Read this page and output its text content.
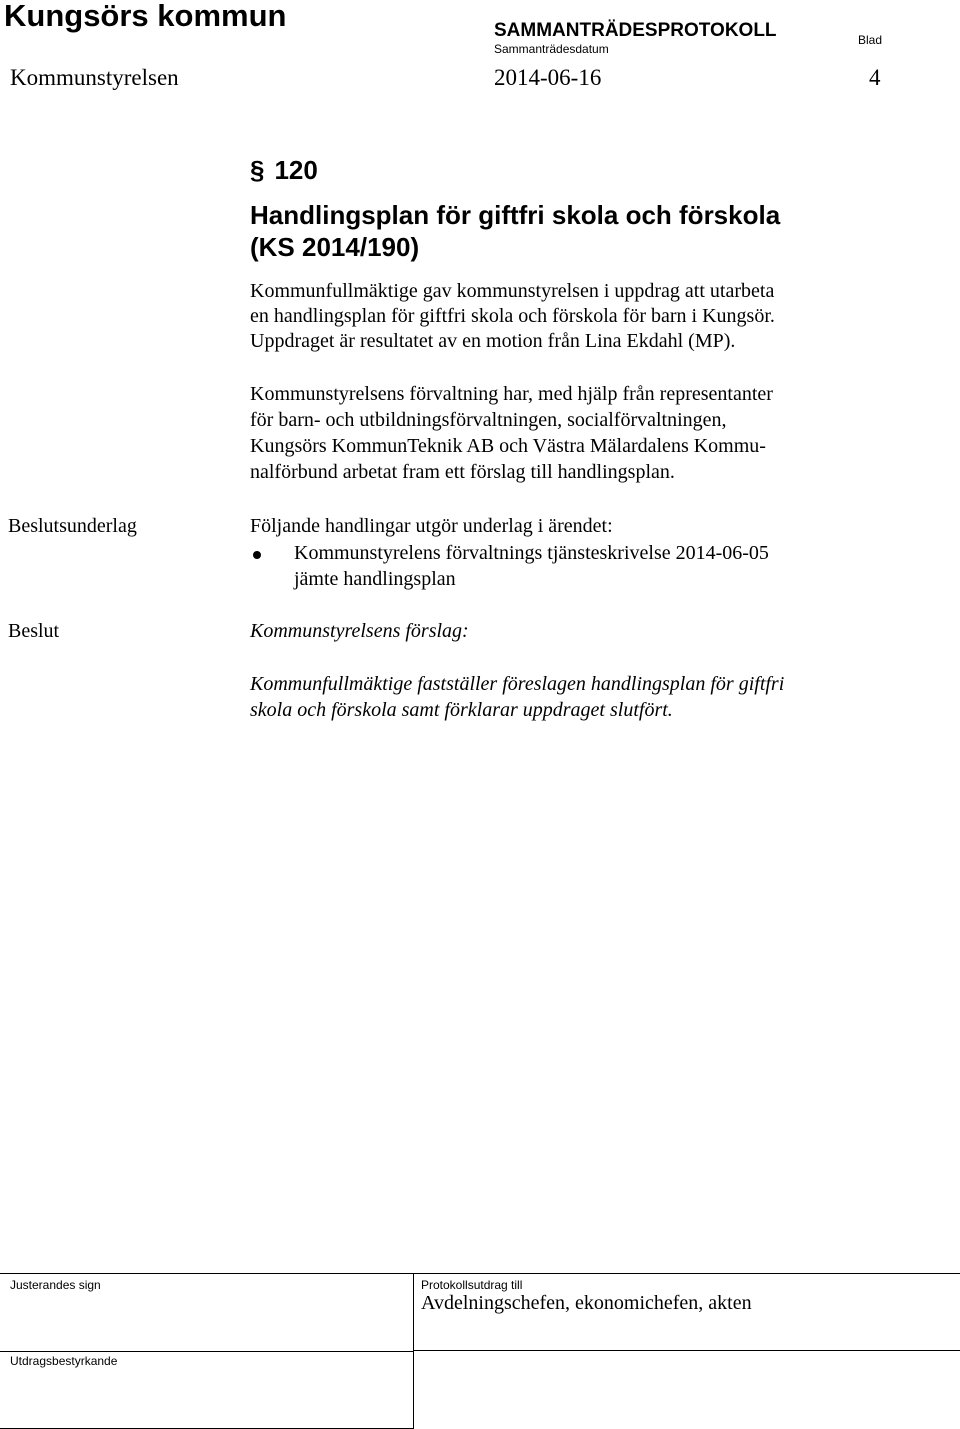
Kungsörs kommun	SAMMANTRÄDESPROTOKOLL
Sammanträdesdatum
Blad
Kommunstyrelsen	2014-06-16	4
§ 120
Handlingsplan för giftfri skola och förskola
(KS 2014/190)
Kommunfullmäktige gav kommunstyrelsen i uppdrag att utarbeta
en handlingsplan för giftfri skola och förskola för barn i Kungsör.
Uppdraget är resultatet av en motion från Lina Ekdahl (MP).
Kommunstyrelsens förvaltning har, med hjälp från representanter
för barn- och utbildningsförvaltningen, socialförvaltningen,
Kungsörs KommunTeknik AB och Västra Mälardalens Kommu-
nalförbund arbetat fram ett förslag till handlingsplan.
Beslutsunderlag	Följande handlingar utgör underlag i ärendet:
Kommunstyrelens förvaltnings tjänsteskrivelse 2014-06-05
jämte handlingsplan
Beslut	Kommunstyrelsens förslag:
Kommunfullmäktige fastställer föreslagen handlingsplan för giftfri
skola och förskola samt förklarar uppdraget slutfört.
Justerandes sign
Utdragsbestyrkande
Protokollsutdrag till
Avdelningschefen, ekonomichefen, akten
